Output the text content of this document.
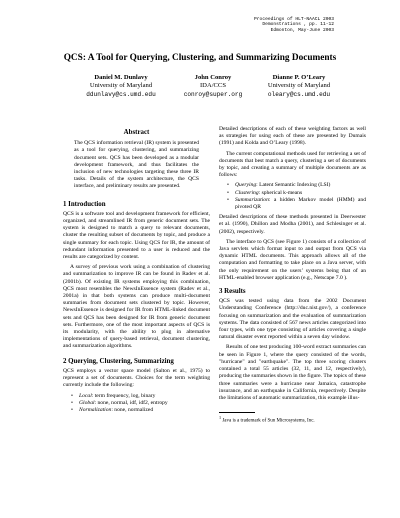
Proceedings of HLT-NAACL 2003
Demonstrations , pp. 11-12
Edmonton, May-June 2003
QCS: A Tool for Querying, Clustering, and Summarizing Documents
Daniel M. Dunlavy
University of Maryland
ddunlavy@cs.umd.edu
John Conroy
IDA/CCS
conroy@super.org
Dianne P. O’Leary
University of Maryland
oleary@cs.umd.edu
Abstract

The QCS information retrieval (IR) system is presented as a tool for querying, clustering, and summarizing document sets. QCS has been developed as a modular development framework, and thus facilitates the inclusion of new technologies targeting these three IR tasks. Details of the system architecture, the QCS interface, and preliminary results are presented.

1 Introduction

QCS is a software tool and development framework for efficient, organized, and streamlined IR from generic document sets. The system is designed to match a query to relevant documents, cluster the resulting subset of documents by topic, and produce a single summary for each topic. Using QCS for IR, the amount of redundant information presented to a user is reduced and the results are categorized by content.

A survey of previous work using a combination of clustering and summarization to improve IR can be found in Radev et al. (2001b). Of existing IR systems employing this combination, QCS most resembles the NewsInEssence system (Radev et al., 2001a) in that both systems can produce multi-document summaries from document sets clustered by topic. However, NewsInEssence is designed for IR from HTML-linked document sets and QCS has been designed for IR from generic document sets. Furthermore, one of the most important aspects of QCS is its modularity, with the ability to plug in alternative implementations of query-based retrieval, document clustering, and summarization algorithms.

2 Querying, Clustering, Summarizing

QCS employs a vector space model (Salton et al., 1975) to represent a set of documents. Choices for the term weighting currently include the following:

• Local: term frequency, log, binary
• Global: none, normal, idf, idf2, entropy
• Normalization: none, normalized

Detailed descriptions of each of these weighting factors as well as strategies for using each of these are presented by Dumais (1991) and Kolda and O’Leary (1998).

The current computational methods used for retrieving a set of documents that best match a query, clustering a set of documents by topic, and creating a summary of multiple documents are as follows:

• Querying: Latent Semantic Indexing (LSI)
• Clustering: spherical k-means
• Summarization: a hidden Markov model (HMM) and pivoted QR

Detailed descriptions of these methods presented in Deerwester et al. (1990), Dhillon and Modha (2001), and Schlesinger et al. (2002), respectively.

The interface to QCS (see Figure 1) consists of a collection of Java servlets which format input to and output from QCS via dynamic HTML documents. This approach allows all of the computation and formatting to take place on a Java server, with the only requirement on the users’ systems being that of an HTML-enabled browser application (e.g., Netscape 7.0 ).

3 Results

QCS was tested using data from the 2002 Document Understanding Conference (http://duc.nist.gov/), a conference focusing on summarization and the evaluation of summarization systems. The data consisted of 567 news articles categorized into four types, with one type consisting of articles covering a single natural disaster event reported within a seven day window.

Results of one test producing 100-word extract summaries can be seen in Figure 1, where the query consisted of the words, "hurricane" and "earthquake". The top three scoring clusters contained a total 55 articles (32, 11, and 12, respectively), producing the summaries shown in the figure. The topics of these three summaries were a hurricane near Jamaica, catastrophe insurance, and an earthquake in California, respectively. Despite the limitations of automatic summarization, this example illus-

$^1$ Java is a trademark of Sun Microsystems, Inc.
